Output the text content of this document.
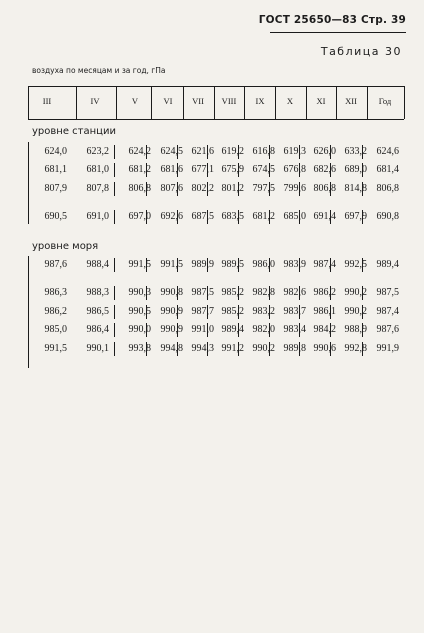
ГОСТ 25650—83 Стр. 39
Таблица 30
воздуха по месяцам и за год, гПа
III	IV	V	VI VII VIII IX	X	XI XII	Год
уровне станции
624,0	623,2	624,2 624,5 621,6 619,2 616,8 619,3 626,0 633,2 624,6
681,1	681,0	681,2 681,6 677,1 675,9 674,5 676,8 682,6 689,0 681,4
807,9	807,8	806,8 807,6 802,2 801,2 797,5 799,6 806,8 814,8 806,8
690,5	691,0	697,0 692,6 687,5 683,5 681,2 685,0 691,4 697,9 690,8
уровне моря
987,6	988,4	991,5 991,5 989,9 989,5 986,0 983,9 987,4 992,5 989,4
986,3	988,3	990,3 990,8 987,5 985,2 982,8 982,6 986,2 990,2 987,5
986,2	986,5	990,5 990,9 987,7 985,2 983,2 983,7 986,1 990,2 987,4
985,0	986,4	990,0 990,9 991,0 989,4 982,0 983,4 984,2 988,9 987,6
991,5	990,1	993,8 994,8 994,3 991,2 990,2 989,8 990,6 992,8 991,9
